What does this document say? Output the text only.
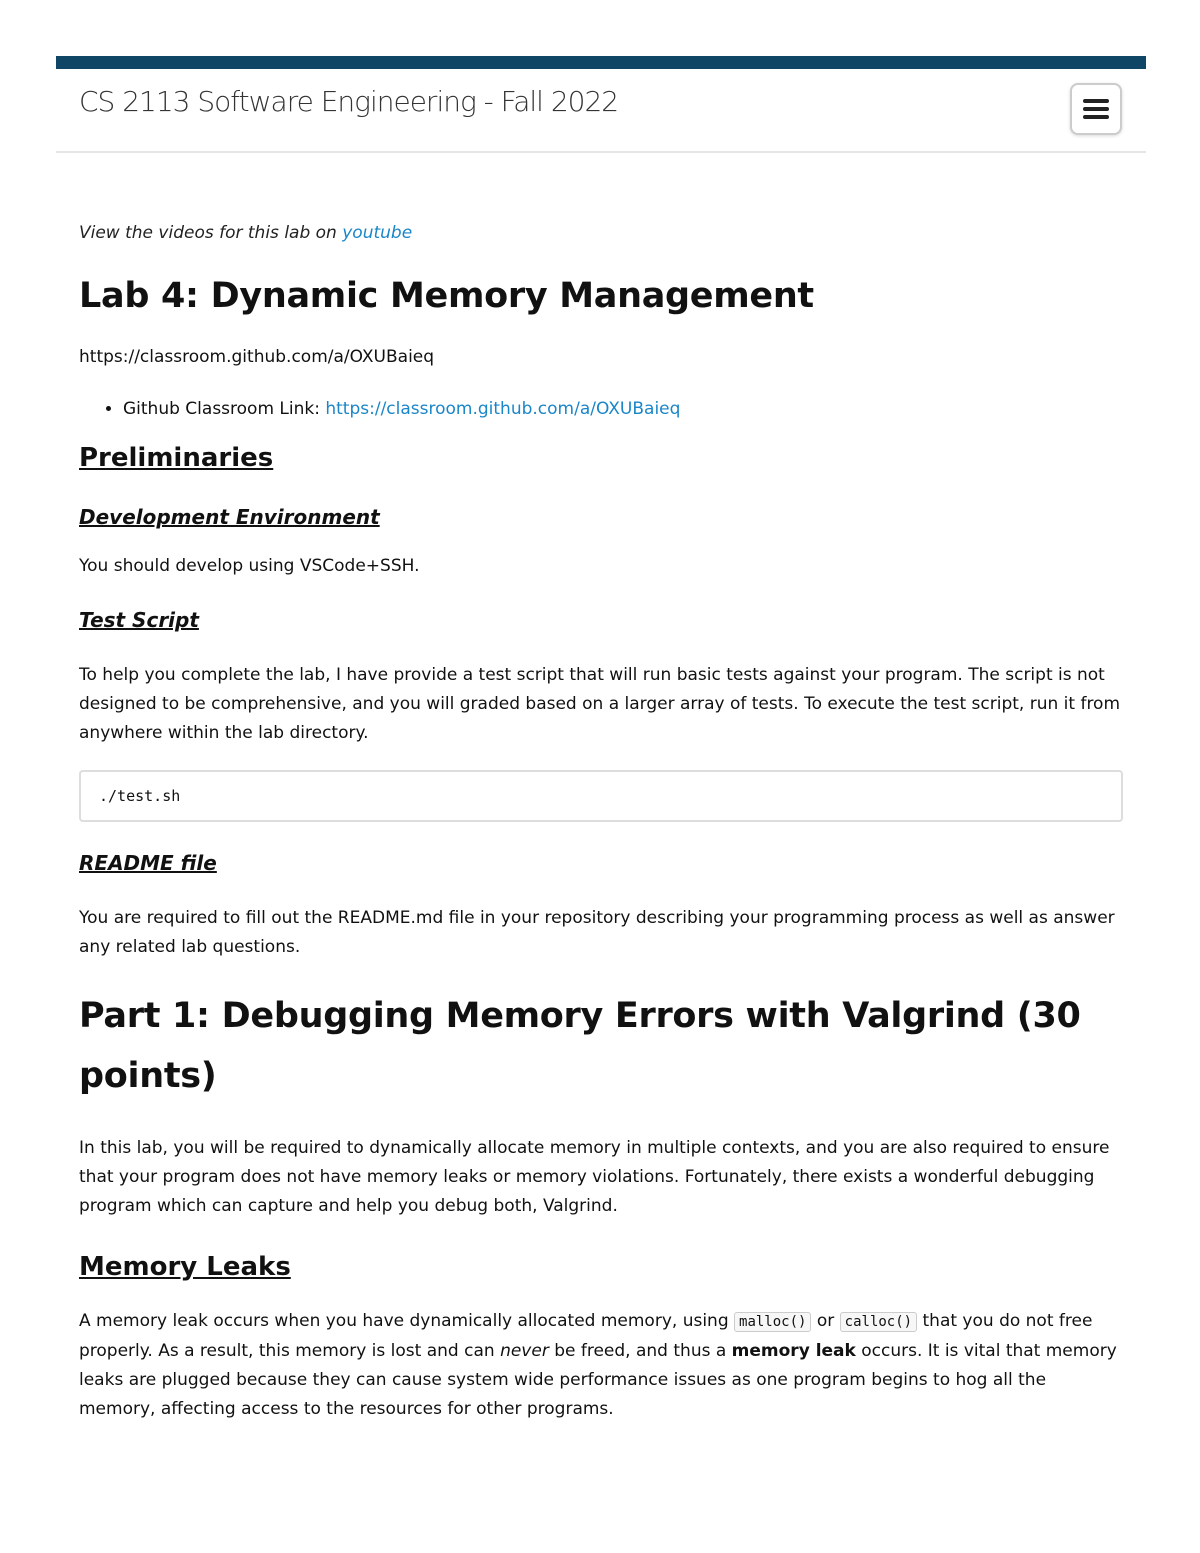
CS 2113 Software Engineering - Fall 2022

View the videos for this lab on youtube

Lab 4: Dynamic Memory Management

https://classroom.github.com/a/OXUBaieq

• Github Classroom Link: https://classroom.github.com/a/OXUBaieq
Preliminaries
Development Environment

You should develop using VSCode+SSH.

Test Script

To help you complete the lab, I have provide a test script that will run basic tests against your program. The script is not designed to be comprehensive, and you will graded based on a larger array of tests. To execute the test script, run it from anywhere within the lab directory.

./test.sh
README file

You are required to fill out the README.md file in your repository describing your programming process as well as answer any related lab questions.

Part 1: Debugging Memory Errors with Valgrind (30 points)

In this lab, you will be required to dynamically allocate memory in multiple contexts, and you are also required to ensure that your program does not have memory leaks or memory violations. Fortunately, there exists a wonderful debugging program which can capture and help you debug both, Valgrind.

Memory Leaks

A memory leak occurs when you have dynamically allocated memory, using malloc() or calloc() that you do not free properly. As a result, this memory is lost and can never be freed, and thus a memory leak occurs. It is vital that memory leaks are plugged because they can cause system wide performance issues as one program begins to hog all the memory, affecting access to the resources for other programs.
